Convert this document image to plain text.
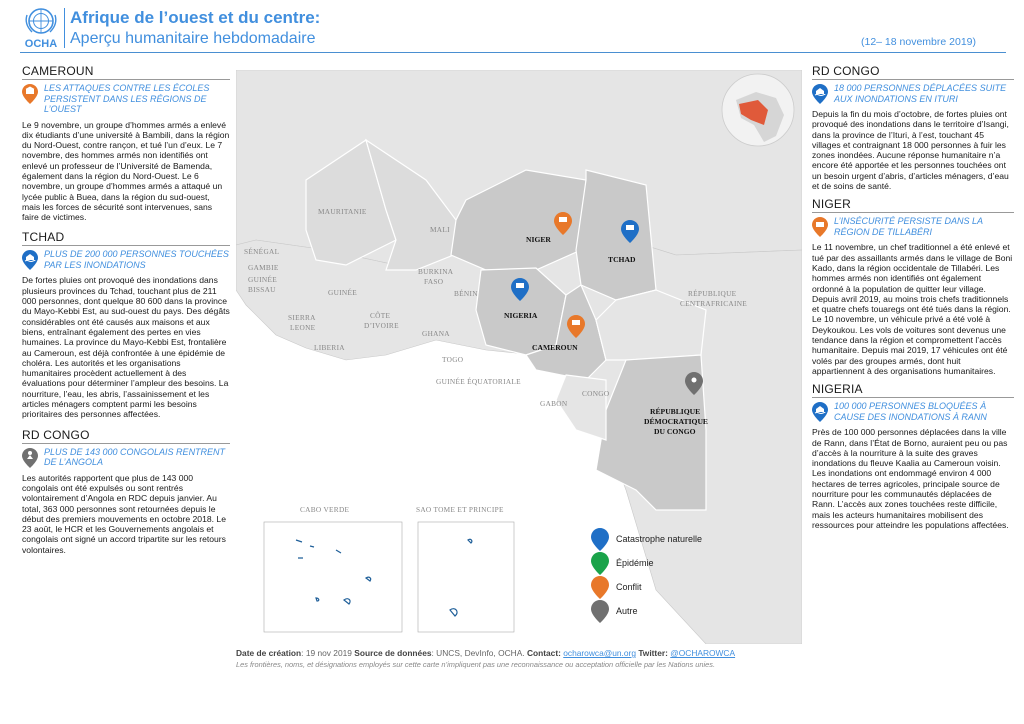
OCHA
Afrique de l’ouest et du centre:
Aperçu humanitaire hebdomadaire	(12– 18 novembre 2019)
CAMEROUN
LES ATTAQUES CONTRE LES ÉCOLES PERSISTENT DANS LES RÉGIONS DE L’OUEST
Le 9 novembre, un groupe d’hommes armés a enlevé dix étudiants d’une université à Bambili, dans la région du Nord-Ouest, contre rançon, et tué l’un d’eux. Le 7 novembre, des hommes armés non identifiés ont enlevé un professeur de l’Université de Bamenda, également dans la région du Nord-Ouest. Le 6 novembre, un groupe d’hommes armés a attaqué un lycée public à Buea, dans la région du sud-ouest, mais les forces de sécurité sont intervenues, sans faire de victimes.
TCHAD
PLUS DE 200 000 PERSONNES TOUCHÉES PAR LES INONDATIONS
De fortes pluies ont provoqué des inondations dans plusieurs provinces du Tchad, touchant plus de 211 000 personnes, dont quelque 80 600 dans la province du Mayo-Kebbi Est, au sud-ouest du pays. Des dégâts considérables ont été causés aux maisons et aux biens, entraînant également des pertes en vies humaines. La province du Mayo-Kebbi Est, frontalière au Cameroun, est déjà confrontée à une épidémie de choléra. Les autorités et les organisations humanitaires procèdent actuellement à des évaluations pour déterminer l’ampleur des besoins. La nourriture, l’eau, les abris, l’assainissement et les articles ménagers comptent parmi les besoins prioritaires des personnes affectées.
RD CONGO
PLUS DE 143 000 CONGOLAIS RENTRENT DE L’ANGOLA
Les autorités rapportent que plus de 143 000 congolais ont été expulsés ou sont rentrés volontairement d’Angola en RDC depuis janvier. Au total, 363 000 personnes sont retournées depuis le début des premiers mouvements en octobre 2018. Le 23 août, le HCR et les Gouvernements angolais et congolais ont signé un accord tripartite sur les retours volontaires.
MAURITANIE
MALI
NIGER
TCHAD
SÉNÉGAL
GAMBIE
GUINÉE
BISSAU	GUINÉE
BURKINA
FASO
BÉNIN
NIGERIA
RÉPUBLIQUE
CENTRAFRICAINE
SIERRA
LEONE
CÔTE
D’IVOIRE
GHANA
LIBERIA
TOGO
CAMEROUN
GUINÉE ÉQUATORIALE
GABON
CONGO
RÉPUBLIQUE
DÉMOCRATIQUE
DU CONGO
CABO VERDE	SAO TOME ET PRINCIPE
Catastrophe naturelle
Épidémie
Conflit
Autre
Date de création: 19 nov 2019 Source de données: UNCS, DevInfo, OCHA. Contact: ocharowca@un.org Twitter: @OCHAROWCA
Les frontières, noms, et désignations employés sur cette carte n’impliquent pas une reconnaissance ou acceptation officielle par les Nations unies.
RD CONGO
18 000 PERSONNES DÉPLACÉES SUITE AUX INONDATIONS EN ITURI
Depuis la fin du mois d’octobre, de fortes pluies ont provoqué des inondations dans le territoire d’Isangi, dans la province de l’Ituri, à l’est, touchant 45 villages et contraignant 18 000 personnes à fuir les zones inondées. Aucune réponse humanitaire n’a encore été apportée et les personnes touchées ont un besoin urgent d’abris, d’articles ménagers, d’eau et de soins de santé.
NIGER
L’INSÉCURITÉ PERSISTE DANS LA RÉGION DE TILLABÉRI
Le 11 novembre, un chef traditionnel a été enlevé et tué par des assaillants armés dans le village de Boni Kado, dans la région occidentale de Tillabéri. Les hommes armés non identifiés ont également ordonné à la population de quitter leur village. Depuis avril 2019, au moins trois chefs traditionnels et quatre chefs touaregs ont été tués dans la région. Le 10 novembre, un véhicule privé a été volé à Deykoukou. Les vols de voitures sont devenus une tendance dans la région et compromettent l’accès humanitaire. Depuis mai 2019, 17 véhicules ont été volés par des groupes armés, dont huit appartiennent à des organisations humanitaires.
NIGERIA
100 000 PERSONNES BLOQUÉES À CAUSE DES INONDATIONS À RANN
Près de 100 000 personnes déplacées dans la ville de Rann, dans l’État de Borno, auraient peu ou pas d’accès à la nourriture à la suite des graves inondations du fleuve Kaalia au Cameroun voisin. Les inondations ont endommagé environ 4 000 hectares de terres agricoles, principale source de nourriture pour les communautés déplacées de Rann. L’accès aux zones touchées reste difficile, mais les acteurs humanitaires mobilisent des ressources pour atteindre les populations affectées.
